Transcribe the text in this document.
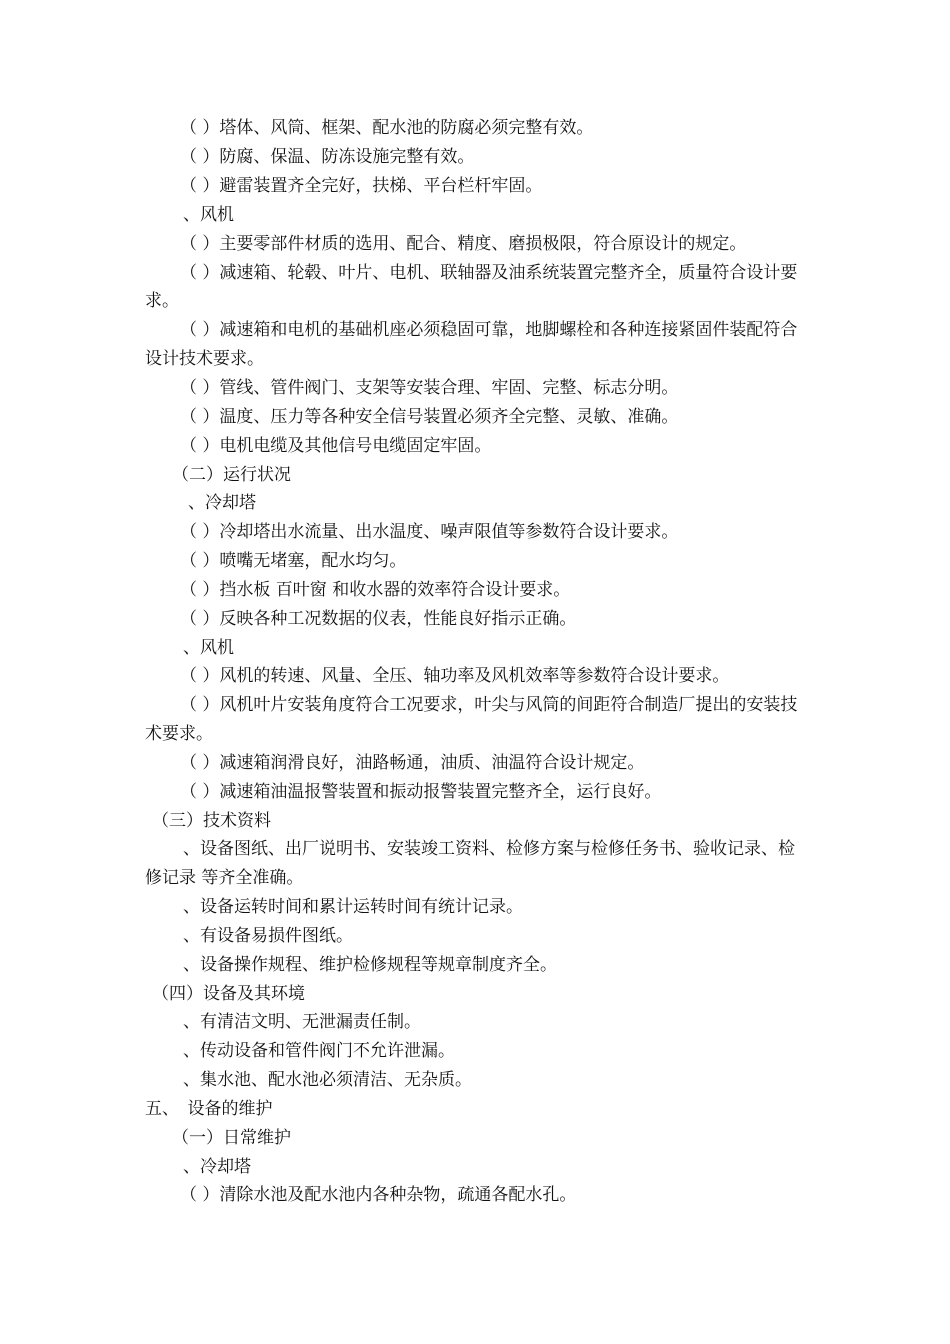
（ ）塔体、风筒、框架、配水池的防腐必须完整有效。

（ ）防腐、保温、防冻设施完整有效。

（ ）避雷装置齐全完好，扶梯、平台栏杆牢固。

、风机

（ ）主要零部件材质的选用、配合、精度、磨损极限，符合原设计的规定。

（ ）减速箱、轮毂、叶片、电机、联轴器及油系统装置完整齐全，质量符合设计要

求。

（ ）减速箱和电机的基础机座必须稳固可靠，地脚螺栓和各种连接紧固件装配符合

设计技术要求。

（ ）管线、管件阀门、支架等安装合理、牢固、完整、标志分明。

（ ）温度、压力等各种安全信号装置必须齐全完整、灵敏、准确。

（ ）电机电缆及其他信号电缆固定牢固。

（二）运行状况

、冷却塔

（ ）冷却塔出水流量、出水温度、噪声限值等参数符合设计要求。

（ ）喷嘴无堵塞，配水均匀。

（ ）挡水板 百叶窗 和收水器的效率符合设计要求。

（ ）反映各种工况数据的仪表，性能良好指示正确。

、风机

（ ）风机的转速、风量、全压、轴功率及风机效率等参数符合设计要求。

（ ）风机叶片安装角度符合工况要求，叶尖与风筒的间距符合制造厂提出的安装技

术要求。

（ ）减速箱润滑良好，油路畅通，油质、油温符合设计规定。

（ ）减速箱油温报警装置和振动报警装置完整齐全，运行良好。

（三）技术资料

、设备图纸、出厂说明书、安装竣工资料、检修方案与检修任务书、验收记录、检

修记录 等齐全准确。

、设备运转时间和累计运转时间有统计记录。

、有设备易损件图纸。

、设备操作规程、维护检修规程等规章制度齐全。

（四）设备及其环境

、有清洁文明、无泄漏责任制。

、传动设备和管件阀门不允许泄漏。

、集水池、配水池必须清洁、无杂质。

五、　设备的维护

（一）日常维护

、冷却塔

（ ）清除水池及配水池内各种杂物，疏通各配水孔。
